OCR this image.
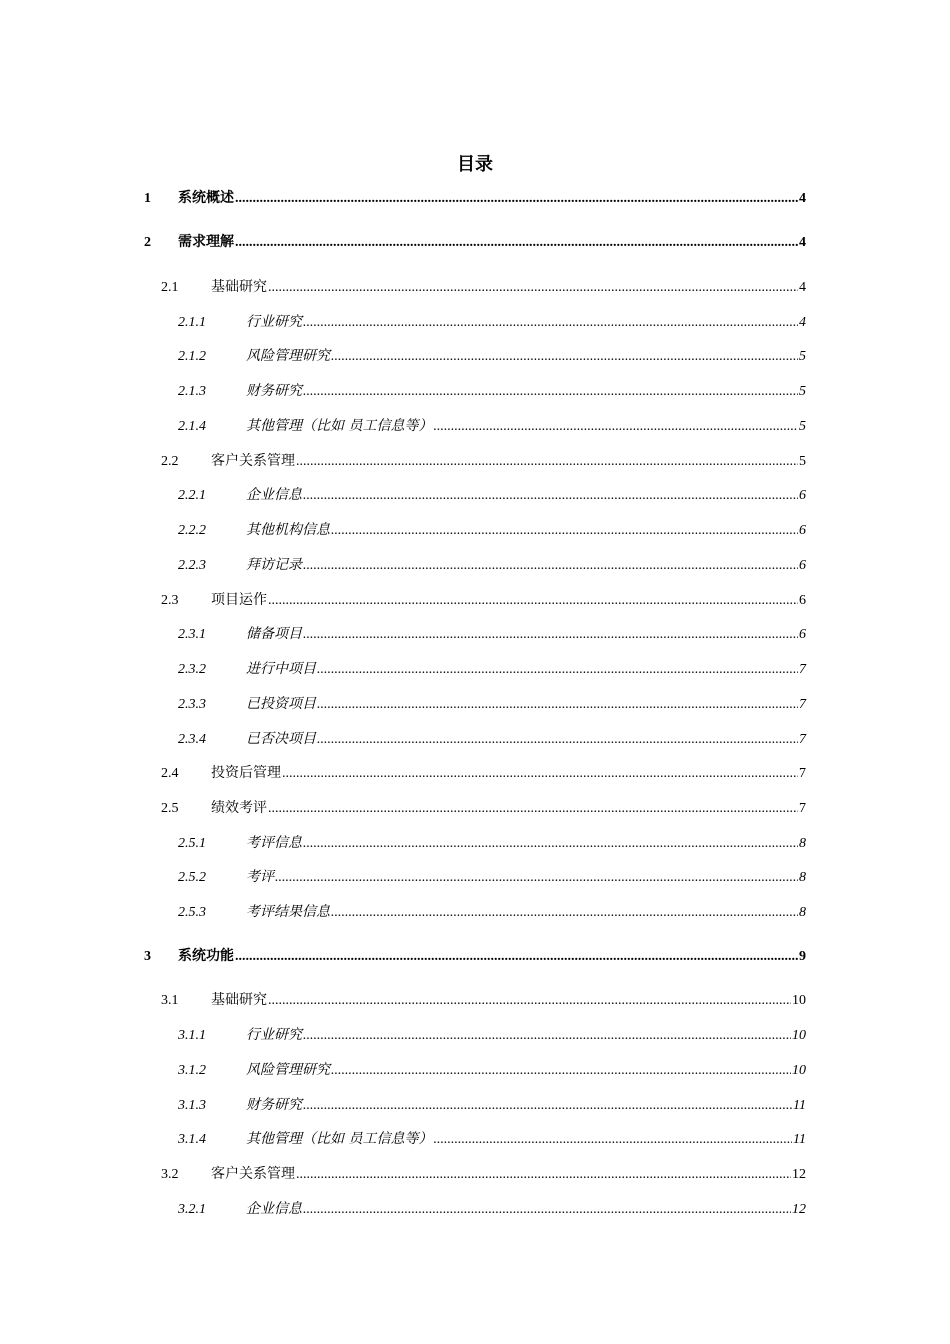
目录
1	系统概述 .....	4
2	需求理解 .....	4
2.1	基础研究 .....	4
2.1.1	行业研究 .....	4
2.1.2	风险管理研究 .....	5
2.1.3	财务研究 .....	5
2.1.4	其他管理（比如 员工信息等） .....	5
2.2	客户关系管理 .....	5
2.2.1	企业信息 .....	6
2.2.2	其他机构信息 .....	6
2.2.3	拜访记录 .....	6
2.3	项目运作 .....	6
2.3.1	储备项目 .....	6
2.3.2	进行中项目 .....	7
2.3.3	已投资项目 .....	7
2.3.4	已否决项目 .....	7
2.4	投资后管理 .....	7
2.5	绩效考评 .....	7
2.5.1	考评信息 .....	8
2.5.2	考评 .....	8
2.5.3	考评结果信息 .....	8
3	系统功能 .....	9
3.1	基础研究 .....	10
3.1.1	行业研究 .....	10
3.1.2	风险管理研究 .....	10
3.1.3	财务研究 .....	11
3.1.4	其他管理（比如 员工信息等） .....	11
3.2	客户关系管理 .....	12
3.2.1	企业信息 .....	12
